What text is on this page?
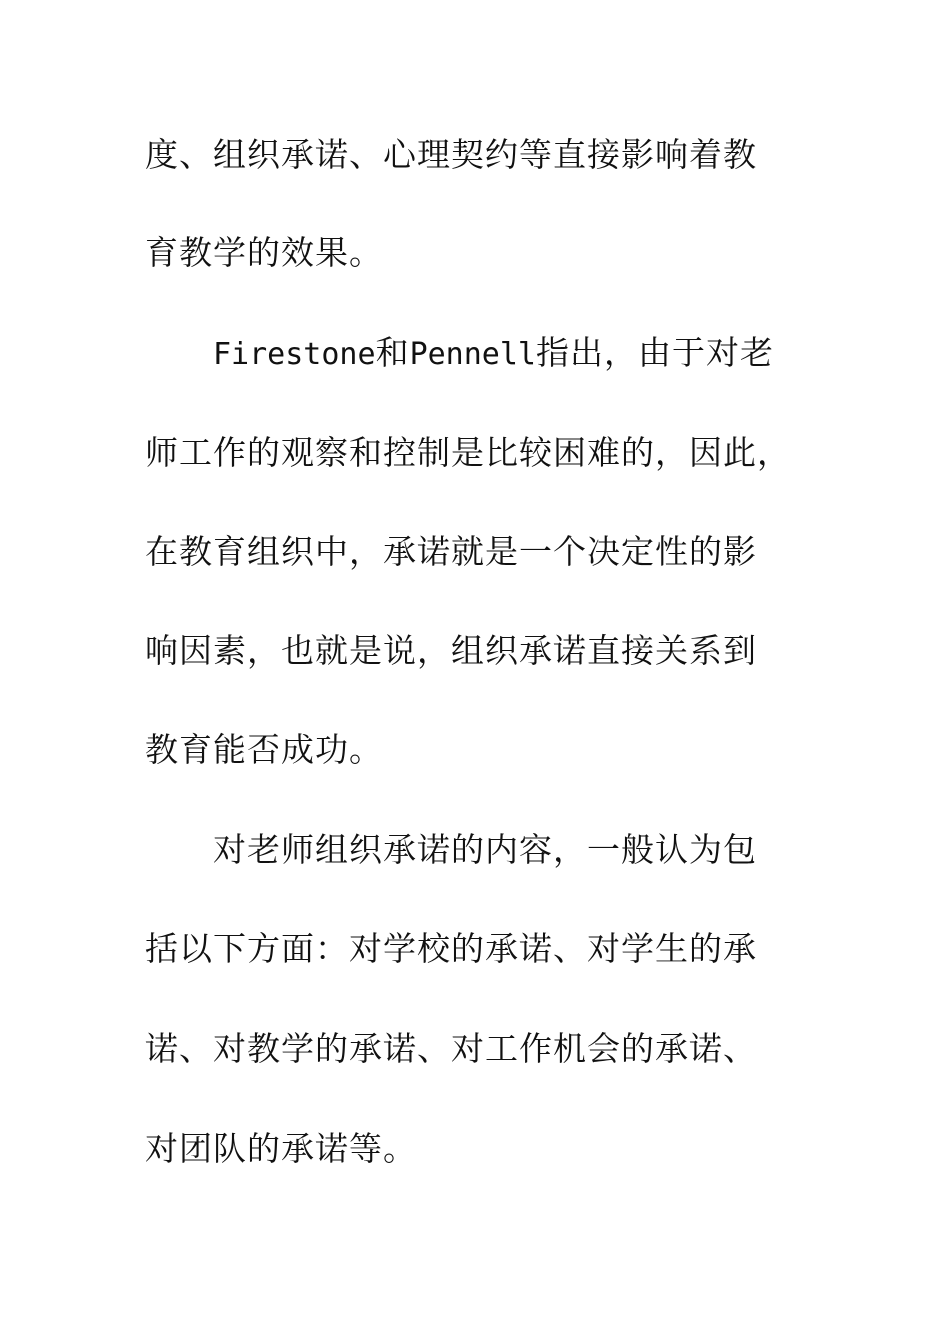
度、组织承诺、心理契约等直接影响着教
育教学的效果。
Firestone和Pennell指出，由于对老
师工作的观察和控制是比较困难的，因此，
在教育组织中，承诺就是一个决定性的影
响因素，也就是说，组织承诺直接关系到
教育能否成功。
对老师组织承诺的内容，一般认为包
括以下方面：对学校的承诺、对学生的承
诺、对教学的承诺、对工作机会的承诺、
对团队的承诺等。
